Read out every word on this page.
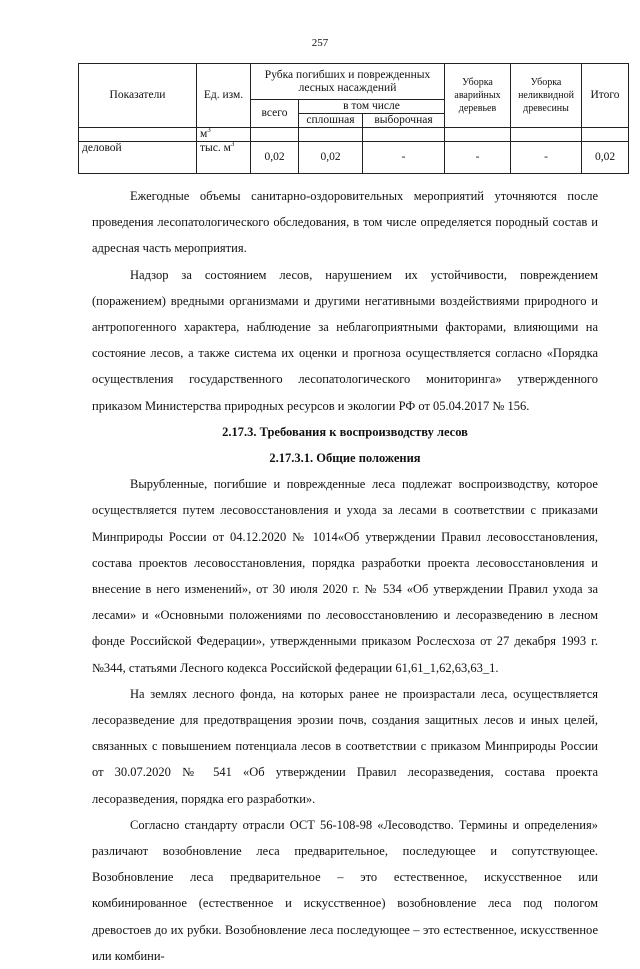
257
Показатели	Ед. изм.	Рубка погибших и поврежденных лесных насаждений			Уборка аварийных деревьев	Уборка неликвидной древесины	Итого
		всего	в том числе				
			сплошная	выборочная			
	$м^3$						
деловой	тыс. $м^3$	0,02	0,02	-	-	-	0,02

Ежегодные объемы санитарно-оздоровительных мероприятий уточняются после проведения лесопатологического обследования, в том числе определяется породный состав и адресная часть мероприятия.

Надзор за состоянием лесов, нарушением их устойчивости, повреждением (поражением) вредными организмами и другими негативными воздействиями природного и антропогенного характера, наблюдение за неблагоприятными факторами, влияющими на состояние лесов, а также система их оценки и прогноза осуществляется согласно «Порядка осуществления государственного лесопатологического мониторинга» утвержденного приказом Министерства природных ресурсов и экологии РФ от 05.04.2017 № 156.

2.17.3. Требования к воспроизводству лесов
2.17.3.1. Общие положения

Вырубленные, погибшие и поврежденные леса подлежат воспроизводству, которое осуществляется путем лесовосстановления и ухода за лесами в соответствии с приказами Минприроды России от 04.12.2020 № 1014«Об утверждении Правил лесовосстановления, состава проектов лесовосстановления, порядка разработки проекта лесовосстановления и внесение в него изменений», от 30 июля 2020 г. № 534 «Об утверждении Правил ухода за лесами» и «Основными положениями по лесовосстановлению и лесоразведению в лесном фонде Российской Федерации», утвержденными приказом Рослесхоза от 27 декабря 1993 г. №344, статьями Лесного кодекса Российской федерации 61,61_1,62,63,63_1.

На землях лесного фонда, на которых ранее не произрастали леса, осуществляется лесоразведение для предотвращения эрозии почв, создания защитных лесов и иных целей, связанных с повышением потенциала лесов в соответствии с приказом Минприроды России от 30.07.2020 № 541 «Об утверждении Правил лесоразведения, состава проекта лесоразведения, порядка его разработки».

Согласно стандарту отрасли ОСТ 56-108-98 «Лесоводство. Термины и определения» различают возобновление леса предварительное, последующее и сопутствующее. Возобновление леса предварительное – это естественное, искусственное или комбинированное (естественное и искусственное) возобновление леса под пологом древостоев до их рубки. Возобновление леса последующее – это естественное, искусственное или комбини-
